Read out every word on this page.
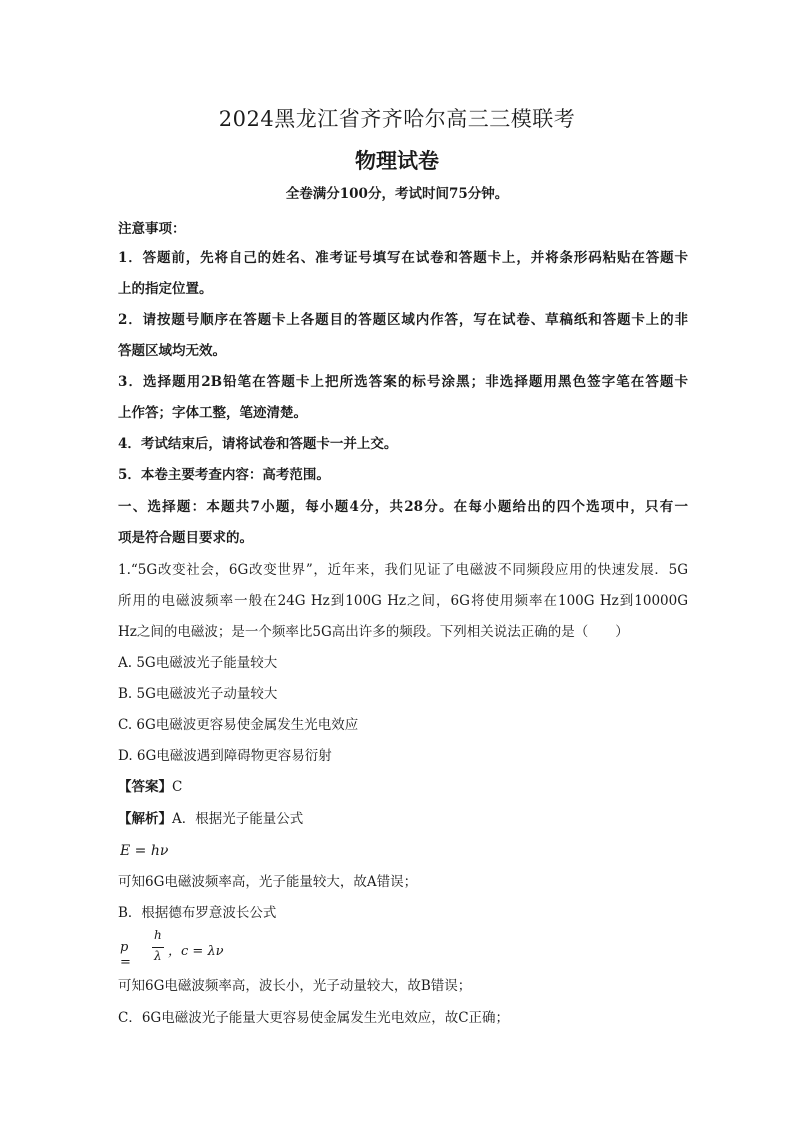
2024黑龙江省齐齐哈尔高三三模联考
物理试卷
全卷满分100分，考试时间75分钟。
注意事项：
1．答题前，先将自己的姓名、准考证号填写在试卷和答题卡上，并将条形码粘贴在答题卡
上的指定位置。
2．请按题号顺序在答题卡上各题目的答题区域内作答，写在试卷、草稿纸和答题卡上的非
答题区域均无效。
3．选择题用2B铅笔在答题卡上把所选答案的标号涂黑；非选择题用黑色签字笔在答题卡
上作答；字体工整，笔迹清楚。
4．考试结束后，请将试卷和答题卡一并上交。
5．本卷主要考查内容：高考范围。
一、选择题：本题共7小题，每小题4分，共28分。在每小题给出的四个选项中，只有一
项是符合题目要求的。
1.“5G改变社会，6G改变世界”，近年来，我们见证了电磁波不同频段应用的快速发展．5G
所用的电磁波频率一般在24G Hz到100G Hz之间，6G将使用频率在100G Hz到10000G
Hz之间的电磁波；是一个频率比5G高出许多的频段。下列相关说法正确的是（　　）
A. 5G电磁波光子能量较大
B. 5G电磁波光子动量较大
C. 6G电磁波更容易使金属发生光电效应
D. 6G电磁波遇到障碍物更容易衍射
【答案】C
【解析】A．根据光子能量公式
E = hν
可知6G电磁波频率高，光子能量较大，故A错误；
B．根据德布罗意波长公式
p =
h
λ ，c = λν
可知6G电磁波频率高，波长小，光子动量较大，故B错误；
C．6G电磁波光子能量大更容易使金属发生光电效应，故C正确；
